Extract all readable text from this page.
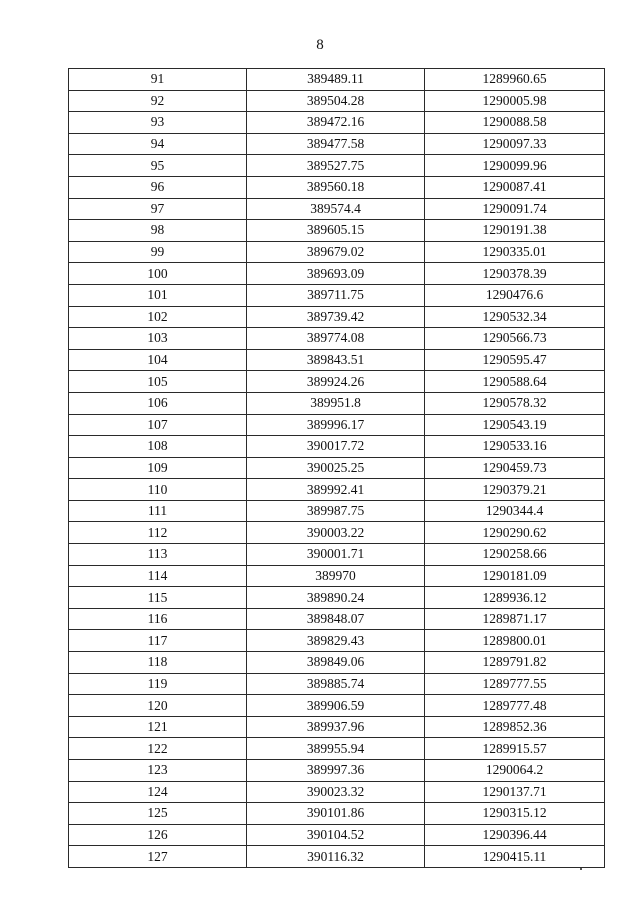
8
91	389489.11	1289960.65
92	389504.28	1290005.98
93	389472.16	1290088.58
94	389477.58	1290097.33
95	389527.75	1290099.96
96	389560.18	1290087.41
97	389574.4	1290091.74
98	389605.15	1290191.38
99	389679.02	1290335.01
100	389693.09	1290378.39
101	389711.75	1290476.6
102	389739.42	1290532.34
103	389774.08	1290566.73
104	389843.51	1290595.47
105	389924.26	1290588.64
106	389951.8	1290578.32
107	389996.17	1290543.19
108	390017.72	1290533.16
109	390025.25	1290459.73
110	389992.41	1290379.21
111	389987.75	1290344.4
112	390003.22	1290290.62
113	390001.71	1290258.66
114	389970	1290181.09
115	389890.24	1289936.12
116	389848.07	1289871.17
117	389829.43	1289800.01
118	389849.06	1289791.82
119	389885.74	1289777.55
120	389906.59	1289777.48
121	389937.96	1289852.36
122	389955.94	1289915.57
123	389997.36	1290064.2
124	390023.32	1290137.71
125	390101.86	1290315.12
126	390104.52	1290396.44
127	390116.32	1290415.11
